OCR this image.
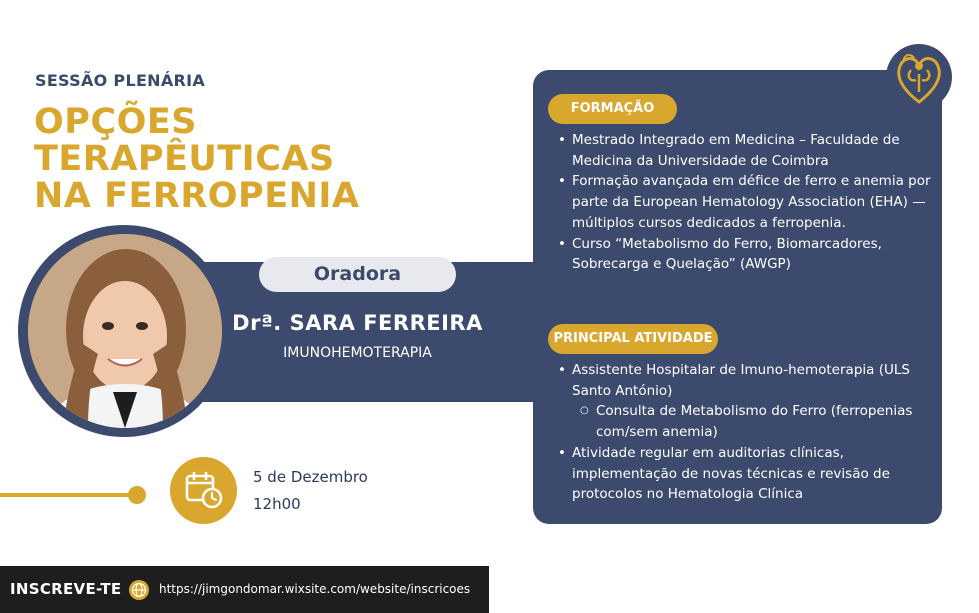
SESSÃO PLENÁRIA
OPÇÕES
TERAPÊUTICAS
NA FERROPENIA
Oradora
Drª. SARA FERREIRA
IMUNOHEMOTERAPIA
FORMAÇÃO
• Mestrado Integrado em Medicina – Faculdade de Medicina da Universidade de Coimbra
• Formação avançada em défice de ferro e anemia por parte da European Hematology Association (EHA) — múltiplos cursos dedicados a ferropenia.
• Curso “Metabolismo do Ferro, Biomarcadores, Sobrecarga e Quelação” (AWGP)
PRINCIPAL ATIVIDADE
• Assistente Hospitalar de Imuno-hemoterapia (ULS Santo António)
○ Consulta de Metabolismo do Ferro (ferropenias com/sem anemia)
• Atividade regular em auditorias clínicas, implementação de novas técnicas e revisão de protocolos no Hematologia Clínica
5 de Dezembro
12h00
INSCREVE-TE	https://jimgondomar.wixsite.com/website/inscricoes
